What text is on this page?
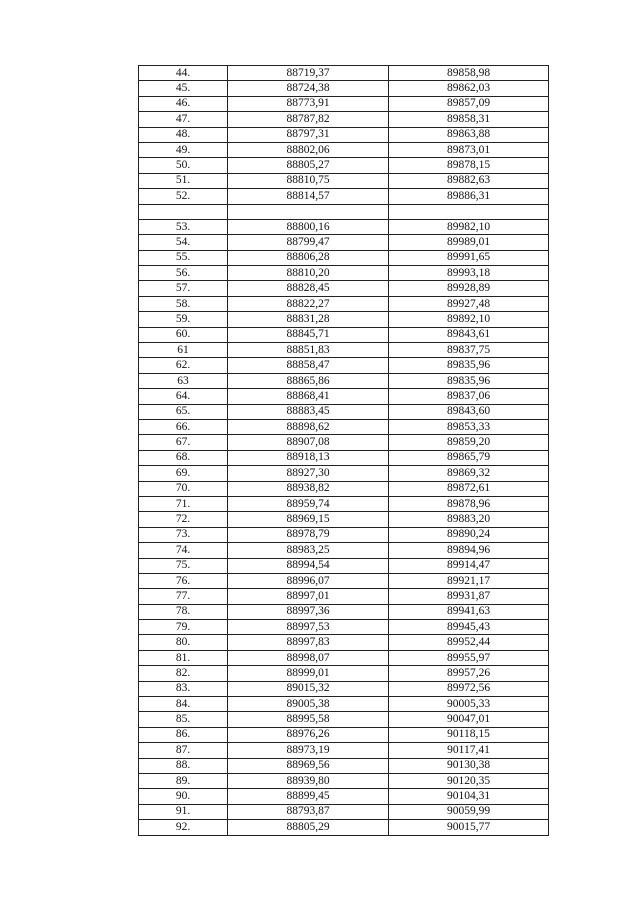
44.	88719,37	89858,98
45.	88724,38	89862,03
46.	88773,91	89857,09
47.	88787,82	89858,31
48.	88797,31	89863,88
49.	88802,06	89873,01
50.	88805,27	89878,15
51.	88810,75	89882,63
52.	88814,57	89886,31

53.	88800,16	89982,10
54.	88799,47	89989,01
55.	88806,28	89991,65
56.	88810,20	89993,18
57.	88828,45	89928,89
58.	88822,27	89927,48
59.	88831,28	89892,10
60.	88845,71	89843,61
61	88851,83	89837,75
62.	88858,47	89835,96
63	88865,86	89835,96
64.	88868,41	89837,06
65.	88883,45	89843,60
66.	88898,62	89853,33
67.	88907,08	89859,20
68.	88918,13	89865,79
69.	88927,30	89869,32
70.	88938,82	89872,61
71.	88959,74	89878,96
72.	88969,15	89883,20
73.	88978,79	89890,24
74.	88983,25	89894,96
75.	88994,54	89914,47
76.	88996,07	89921,17
77.	88997,01	89931,87
78.	88997,36	89941,63
79.	88997,53	89945,43
80.	88997,83	89952,44
81.	88998,07	89955,97
82.	88999,01	89957,26
83.	89015,32	89972,56
84.	89005,38	90005,33
85.	88995,58	90047,01
86.	88976,26	90118,15
87.	88973,19	90117,41
88.	88969,56	90130,38
89.	88939,80	90120,35
90.	88899,45	90104,31
91.	88793,87	90059,99
92.	88805,29	90015,77
